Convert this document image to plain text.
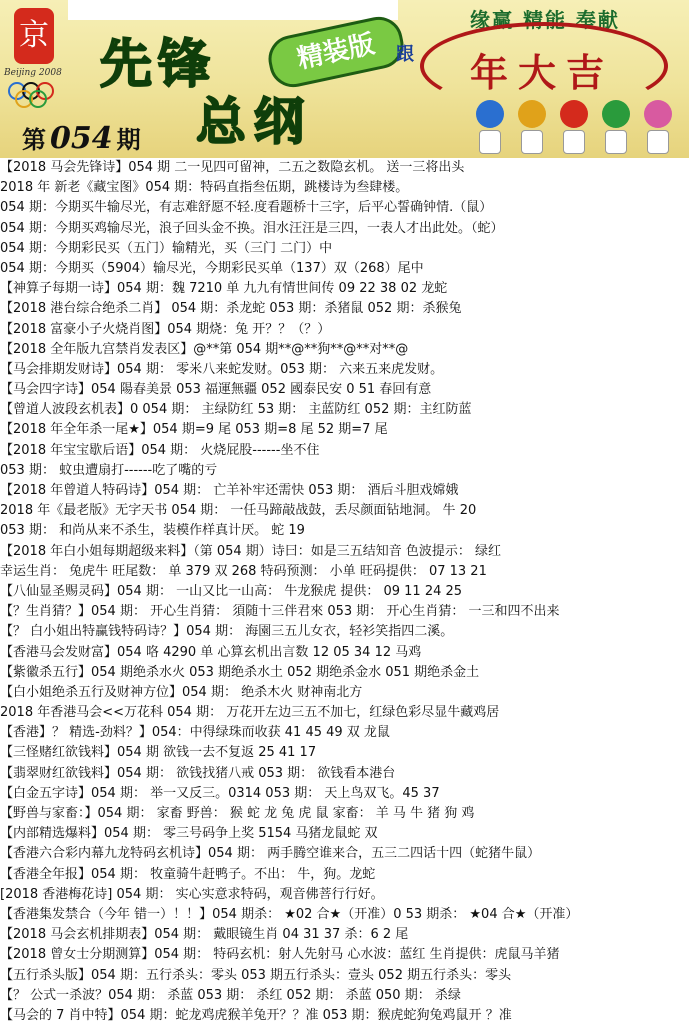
京
Beijing 2008 先锋	精装版
总纲
第 054 期
缘赢 精能 奉献
跟 年大吉
【2018 马会先锋诗】054 期 二一见四可留神，二五之数隐玄机。 送一三将出头
2018 年 新老《藏宝图》054 期：特码直指叁伍期，跳楼诗为叁肆楼。
054 期：今期买牛输尽光，有志难舒愿不轻.度看题桥十三字，后平心誓确钟情.（鼠）
054 期：今期买鸡输尽光，浪子回头金不换。泪水汪汪是三四，一表人才出此处。（蛇）
054 期：今期彩民买（五门）输精光，买（三门 二门）中
054 期：今期买（5904）输尽光，今期彩民买单（137）双（268）尾中
【神算子每期一诗】054 期：魏 7210 单 九九有情世间传 09 22 38 02 龙蛇
【2018 港台综合绝杀二肖】 054 期：杀龙蛇 053 期：杀猪鼠 052 期：杀猴兔
【2018 富豪小子火烧肖图】054 期烧：兔 开？？（？）
【2018 全年版九宫禁肖发表区】@**第 054 期**@**狗**@**对**@
【马会排期发财诗】054 期： 零米八来蛇发财。053 期： 六来五来虎发财。
【马会四字诗】054 陽春美景 053 福運無疆 052 國泰民安 0 51 春回有意
【曾道人波段玄机表】0 054 期： 主绿防红 53 期： 主蓝防红 052 期：主红防蓝
【2018 年全年杀一尾★】054 期=9 尾 053 期=8 尾 52 期=7 尾
【2018 年宝宝歇后语】054 期： 火烧屁股------坐不住
053 期： 蚊虫遭扇打------吃了嘴的亏
【2018 年曾道人特码诗】054 期： 亡羊补牢还需快 053 期： 酒后斗胆戏嫦娥
2018 年《最老版》无字天书 054 期： 一任马蹄敲战鼓，丢尽颜面钻地洞。 牛 20
053 期： 和尚从来不杀生，装模作样真计厌。 蛇 19
【2018 年白小姐每期超级来料】（第 054 期）诗曰：如是三五结知音 色波提示： 绿红
幸运生肖： 兔虎牛 旺尾数： 单 379 双 268 特码预测： 小单 旺码提供： 07 13 21
【八仙显圣赐灵码】054 期： 一山又比一山高： 牛龙猴虎 提供： 09 11 24 25
【？生肖猜？】054 期： 开心生肖猜： 須随十三伴君來 053 期： 开心生肖猜： 一三和四不出来
【？ 白小姐出特赢钱特码诗？】054 期： 海園三五儿女衣，轻衫笑指四二溪。
【香港马会发财富】054 咯 4290 单 心算玄机出言数 12 05 34 12 马鸡
【紫徽杀五行】054 期绝杀水火 053 期绝杀水土 052 期绝杀金水 051 期绝杀金土
【白小姐绝杀五行及财神方位】054 期： 绝杀木火 财神南北方
2018 年香港马会<<万花科 054 期： 万花开左边三五不加七，红绿色彩尽显牛藏鸡居
【香港】？ 精选-劲料？】054：中得绿珠而收获 41 45 49 双 龙鼠
【三怪赌红欲钱料】054 期 欲钱一去不复返 25 41 17
【翡翠财红欲钱料】054 期： 欲钱找猪八戒 053 期： 欲钱看本港台
【白金五字诗】054 期： 举一又反三。0314 053 期： 天上鸟双飞。45 37
【野兽与家畜：】054 期： 家畜 野兽： 猴 蛇 龙 兔 虎 鼠 家畜： 羊 马 牛 猪 狗 鸡
【内部精选爆料】054 期： 零三号码争上奖 5154 马猪龙鼠蛇 双
【香港六合彩内幕九龙特码玄机诗】054 期： 两手腾空谁来合，五三二四话十四（蛇猪牛鼠）
【香港全年报】054 期： 牧童骑牛赶鸭子。不出： 牛，狗。龙蛇
[2018 香港梅花诗] 054 期： 实心实意求特码，观音佛菩行行好。
【香港集发禁合（今年 错一）！！】054 期杀： ★02 合★（开准）0 53 期杀： ★04 合★（开准）
【2018 马会玄机排期表】054 期： 戴眼镜生肖 04 31 37 杀：6 2 尾
【2018 曾女士分期测算】054 期： 特码玄机：射人先射马 心水波：蓝红 生肖提供：虎鼠马羊猪
【五行杀头版】054 期：五行杀头：零头 053 期五行杀头：壹头 052 期五行杀头：零头
【？ 公式一杀波？054 期： 杀蓝 053 期： 杀红 052 期： 杀蓝 050 期： 杀绿
【马会的 7 肖中特】054 期：蛇龙鸡虎猴羊兔开？？准 053 期：猴虎蛇狗兔鸡鼠开 ？准
